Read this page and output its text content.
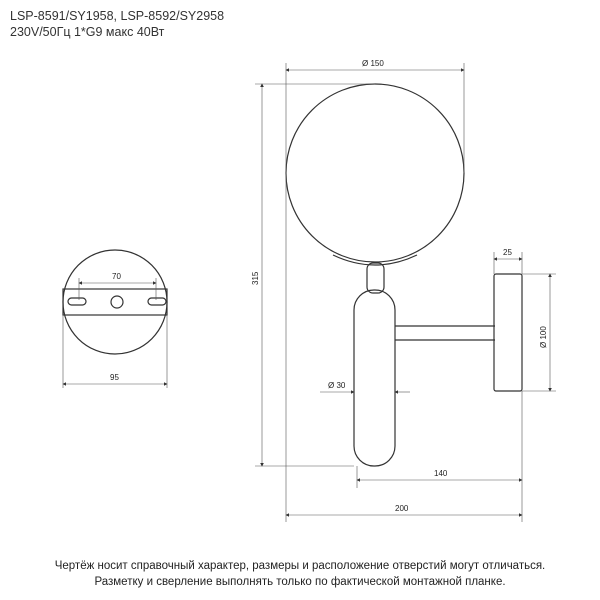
LSP-8591/SY1958, LSP-8592/SY2958
230V/50Гц 1*G9 макс 40Вт
70
95
Ø 150
315
25
Ø 100
Ø 30
140
200
Чертёж носит справочный характер, размеры и расположение отверстий могут отличаться.
Разметку и сверление выполнять только по фактической монтажной планке.
